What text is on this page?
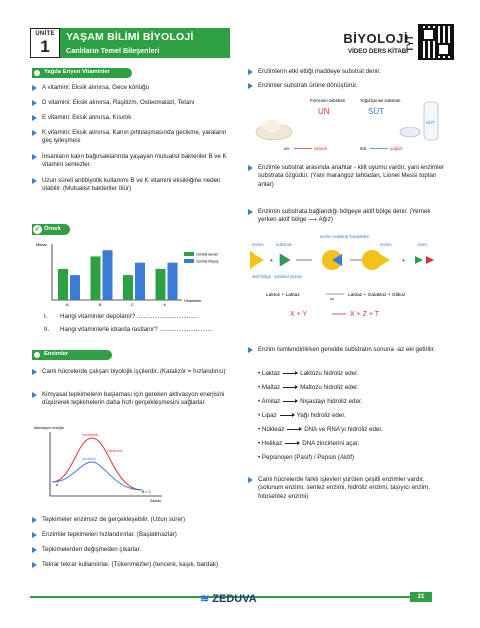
ÜNİTE
1
YAŞAM BİLİMİ BİYOLOJİ
Canlıların Temel Bileşenleri
BİYOLOJİ
VİDEO DERS KİTABI
TYT
Yağda Eriyen Vitaminler
A vitamini: Eksik alınırsa, Gece körlüğü
D vitamini: Eksik alınırsa, Raşitizm, Osteomalazi, Tetani
E vitamini: Eksik alınırsa, Kısırlık
K vitamini: Eksik alınırsa, Kanın pıhtılaşmasında gecikme, yaraların geç iyileşmesi
İnsanların kalın bağırsaklarında yaşayan mutualist bakteriler B ve K vitamini sentezler.
Uzun süreli antibiyotik kullanımı B ve K vitamini eksikliğine neden olabilir. (Mutualist bakteriler ölür)
✓ Örnek
Miktar
Vitaminler
A	B	C	K
Günlük alınan
Günlük ihtiyaç
I. Hangi vitaminler depolanır? ...................................
II. Hangi vitaminlerle idrarda rastlanır? ...............................
Enzimler
Canlı hücrelerde çalışan biyolojik işçilerdir. (Katalizör = hızlandırıcı)
Kimyasal tepkimelerin başlaması için gereken aktivasyon enerjisini düşürerek tepkimelerin daha hızlı gerçekleşmesini sağlarlar.
Aktivasyon enerjisi
Zaman
(enzimsiz)
(enzimli)
enerji farkı
A
B + C
Tepkimeler enzimsiz de gerçekleşebilir. (Uzun sürer)
Enzimler tepkimeleri hızlandırırlar. (Başlatmazlar)
Tepkimelerden değişmeden çıkarlar.
Tekrar tekrar kullanılırlar. (Tükenmezler) (tencere, kaşık, bardak)
Enzimlerin etki ettiği maddeye substrat denir.
Enzimler substratı ürüne dönüştürür.
Fırıncının substratı
UN
Yoğurtçunun substratı
SÜT
SÜT
un	ekmek	süt	yoğurt
Enzimle substrat arasında anahtar - kilit uyumu vardır, yani enzimler substrata özgüdür. (Yani marangoz tahtadan, Lionel Messi toptan anlar)
Enzimin substrata bağlandığı bölgeye aktif bölge denir. (Yemek yerken aktif bölge ⟶ Ağız)
enzim	substrat
enzim substrat kompleksi
enzim	ürün
+	+
aktif bölge substrat yüzeyi
Laktoz + Laktaz
su
Laktaz + Galaktoz + Glikoz
X + Y	X + Z + T
Enzim isimlendirilirken genelde substratın sonuna -az eki getirilir.
• Laktaz	Laktozu hidroliz eder.
• Maltaz	Maltozu hidroliz eder.
• Amilaz	Nişastayı hidroliz eder.
• Lipaz	Yağı hidroliz eder.
• Nükleaz	DNA ve RNA'yı hidroliz eder.
• Helikaz	DNA zincirlerini açar.
• Pepsinojen (Pasif) / Pepsin (Aktif)
Canlı hücrelerde farklı işlevleri yürüten çeşitli enzimler vardır. (solunum enzimi, sentez enzimi, hidroliz enzimi, taşıyıcı enzim, fotosentez enzimi)
≋ ZEDUVA	21
